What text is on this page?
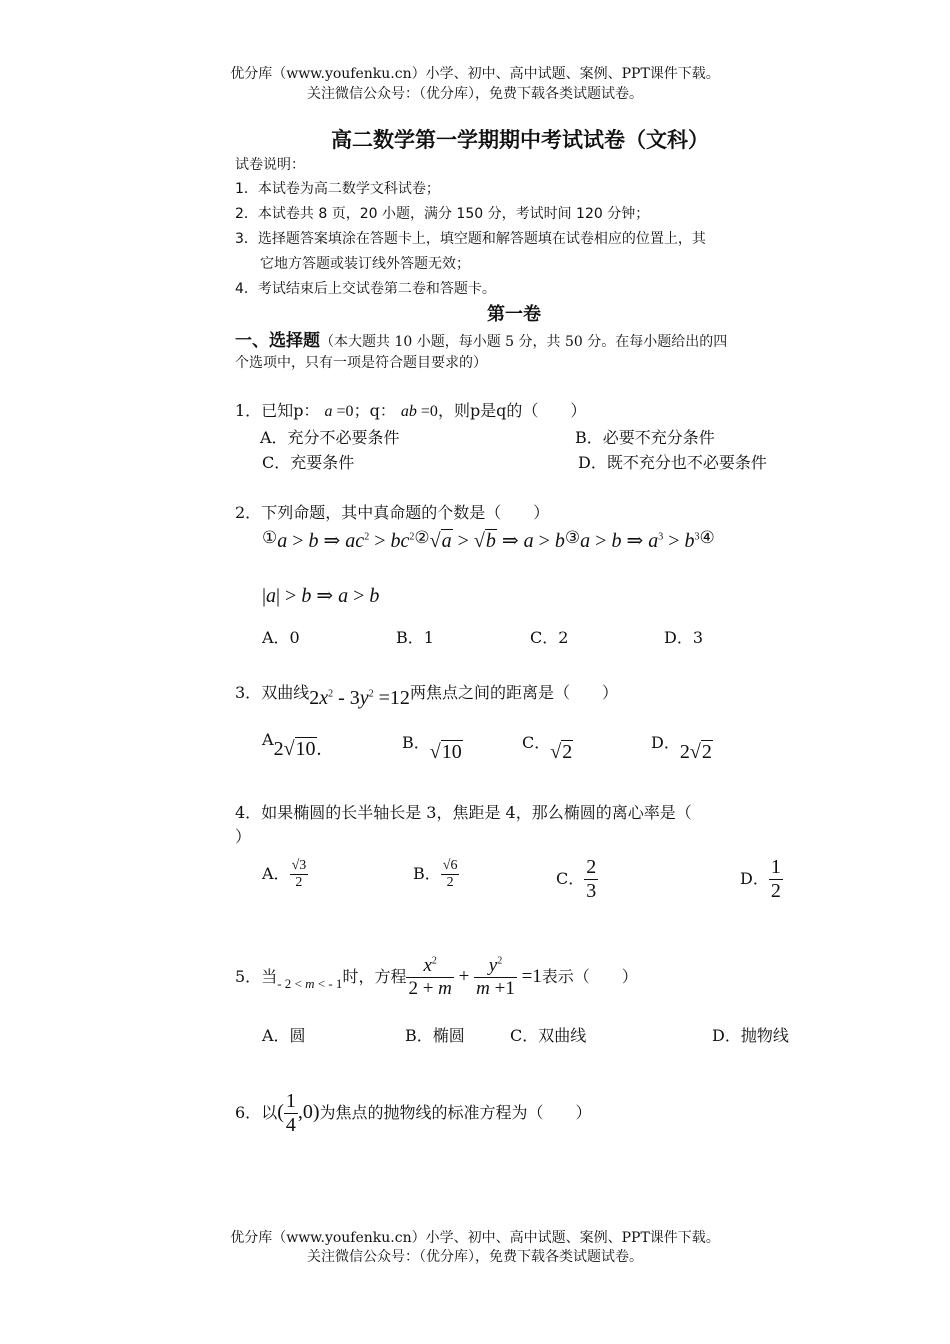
优分库（www.youfenku.cn）小学、初中、高中试题、案例、PPT课件下载。
关注微信公众号：（优分库），免费下载各类试题试卷。
高二数学第一学期期中考试试卷（文科）
试卷说明：
1．本试卷为高二数学文科试卷；
2．本试卷共 8 页，20 小题，满分 150 分，考试时间 120 分钟；
3．选择题答案填涂在答题卡上，填空题和解答题填在试卷相应的位置上，其
它地方答题或装订线外答题无效；
4．考试结束后上交试卷第二卷和答题卡。
第一卷
一、选择题（本大题共 10 小题，每小题 5 分，共 50 分。在每小题给出的四
个选项中，只有一项是符合题目要求的）
1．已知p： a =0；q： ab =0，则p是q的（　　）
A．充分不必要条件	B．必要不充分条件
C．充要条件	D．既不充分也不必要条件
2．下列命题，其中真命题的个数是（　　）
①a > b ⇒ $ac^2 > bc^{2②}√a > √b$ ⇒ a > b③a > b ⇒ $a^3 > b^{3④}$
|a| > b ⇒ a > b
A．0	B．1	C．2	D．3
3．双曲线$2x^2 - 3y^2 =12$两焦点之间的距离是（　　）
A2√10.	B．√10	C．√2	D．2√2
4．如果椭圆的长半轴长是 3，焦距是 4，那么椭圆的离心率是（
）
A． $\frac{√3}{2}$	B． $\frac{√6}{2}$	C． $\frac{2}{3}$	D． $\frac{1}{2}$
5．当$_{- 2 < m < - 1}$时，方程 $\frac{x^2}{2 + m} + \frac{y^2}{m +1} =1$表示（　　）
A．圆	B．椭圆	C．双曲线	D．抛物线
6．以( $\frac{1}{4} ,0$)为焦点的抛物线的标准方程为（　　）
优分库（www.youfenku.cn）小学、初中、高中试题、案例、PPT课件下载。
关注微信公众号：（优分库），免费下载各类试题试卷。
